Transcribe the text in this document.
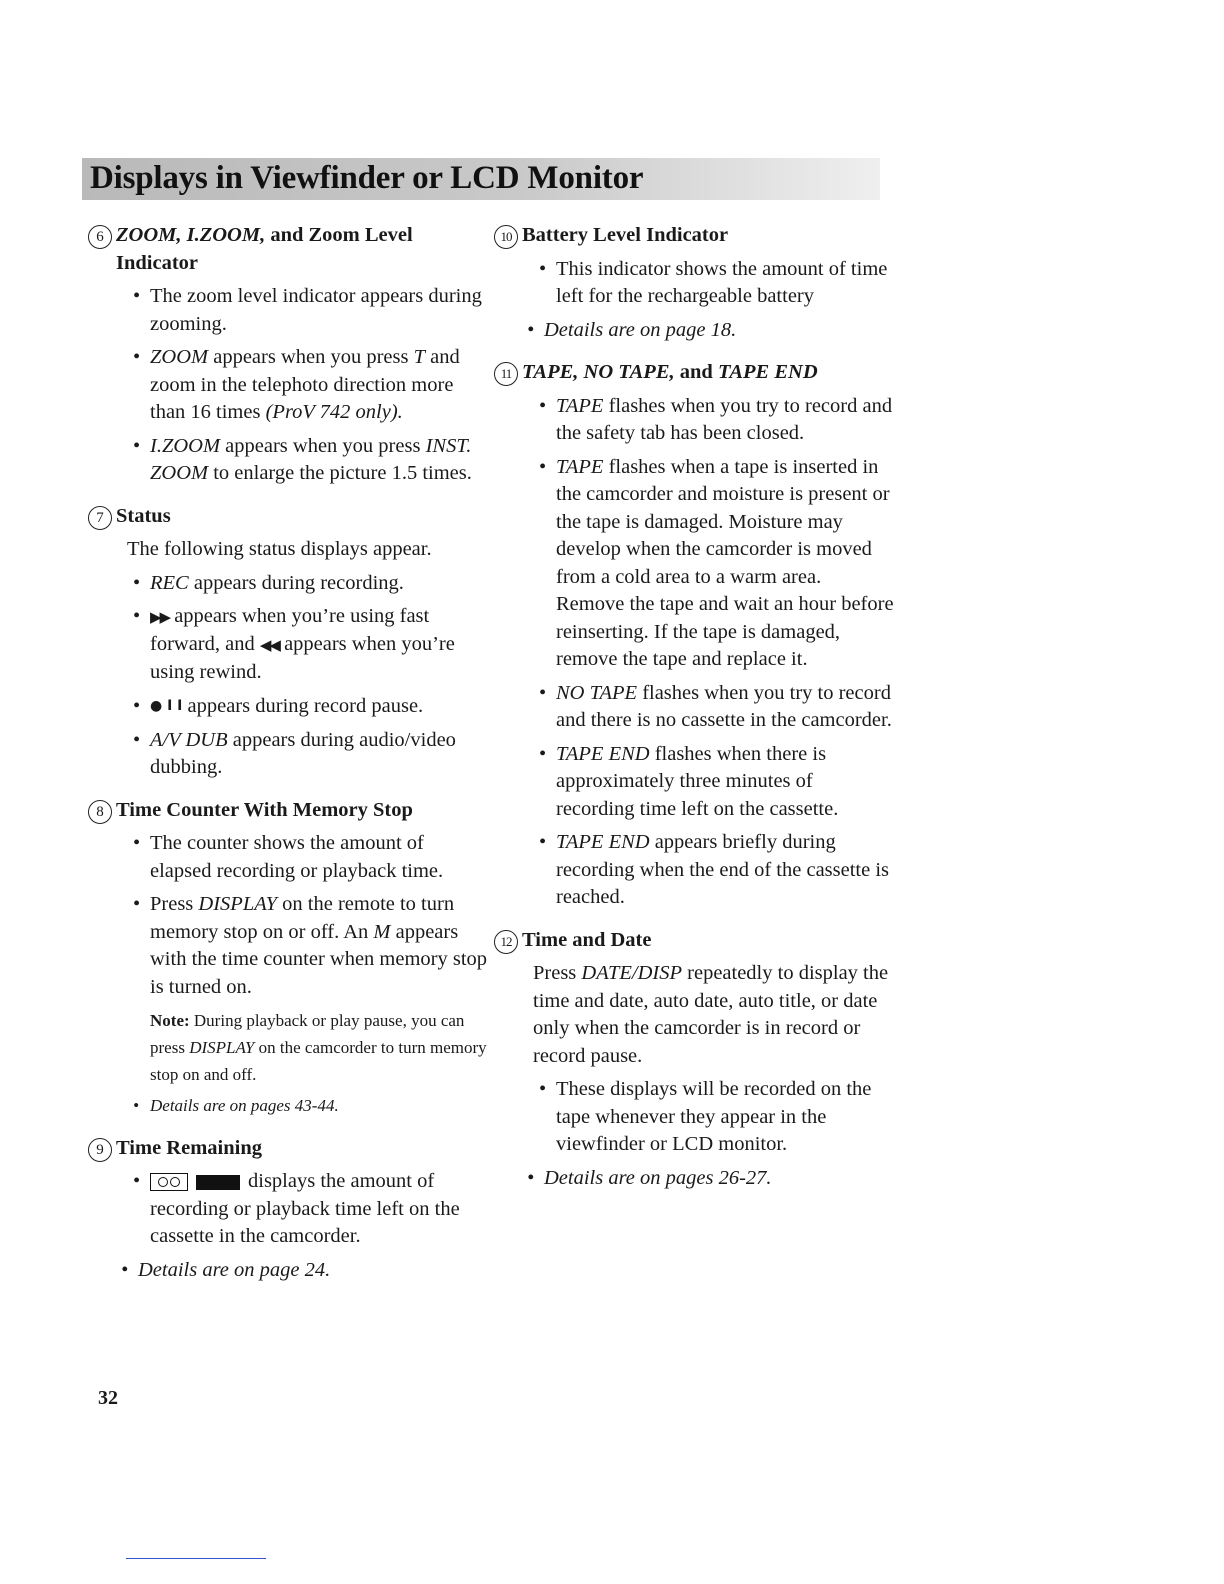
Displays in Viewfinder or LCD Monitor
6 ZOOM, I.ZOOM, and Zoom Level Indicator
• The zoom level indicator appears during zooming.
• ZOOM appears when you press T and zoom in the telephoto direction more than 16 times (ProV 742 only).
• I.ZOOM appears when you press INST. ZOOM to enlarge the picture 1.5 times.
7 Status
The following status displays appear.
• REC appears during recording.
• ▶▶ appears when you’re using fast forward, and ◀◀ appears when you’re using rewind.
• ● I I appears during record pause.
• A/V DUB appears during audio/video dubbing.
8 Time Counter With Memory Stop
• The counter shows the amount of elapsed recording or playback time.
• Press DISPLAY on the remote to turn memory stop on or off. An M appears with the time counter when memory stop is turned on.
Note: During playback or play pause, you can press DISPLAY on the camcorder to turn memory stop on and off.
• Details are on pages 43-44.
9 Time Remaining
• displays the amount of recording or playback time left on the cassette in the camcorder.
• Details are on page 24.
10 Battery Level Indicator
• This indicator shows the amount of time left for the rechargeable battery
• Details are on page 18.
11 TAPE, NO TAPE, and TAPE END
• TAPE flashes when you try to record and the safety tab has been closed.
• TAPE flashes when a tape is inserted in the camcorder and moisture is present or the tape is damaged. Moisture may develop when the camcorder is moved from a cold area to a warm area. Remove the tape and wait an hour before reinserting. If the tape is damaged, remove the tape and replace it.
• NO TAPE flashes when you try to record and there is no cassette in the camcorder.
• TAPE END flashes when there is approximately three minutes of recording time left on the cassette.
• TAPE END appears briefly during recording when the end of the cassette is reached.
12 Time and Date
Press DATE/DISP repeatedly to display the time and date, auto date, auto title, or date only when the camcorder is in record or record pause.
• These displays will be recorded on the tape whenever they appear in the viewfinder or LCD monitor.
• Details are on pages 26-27.
32
